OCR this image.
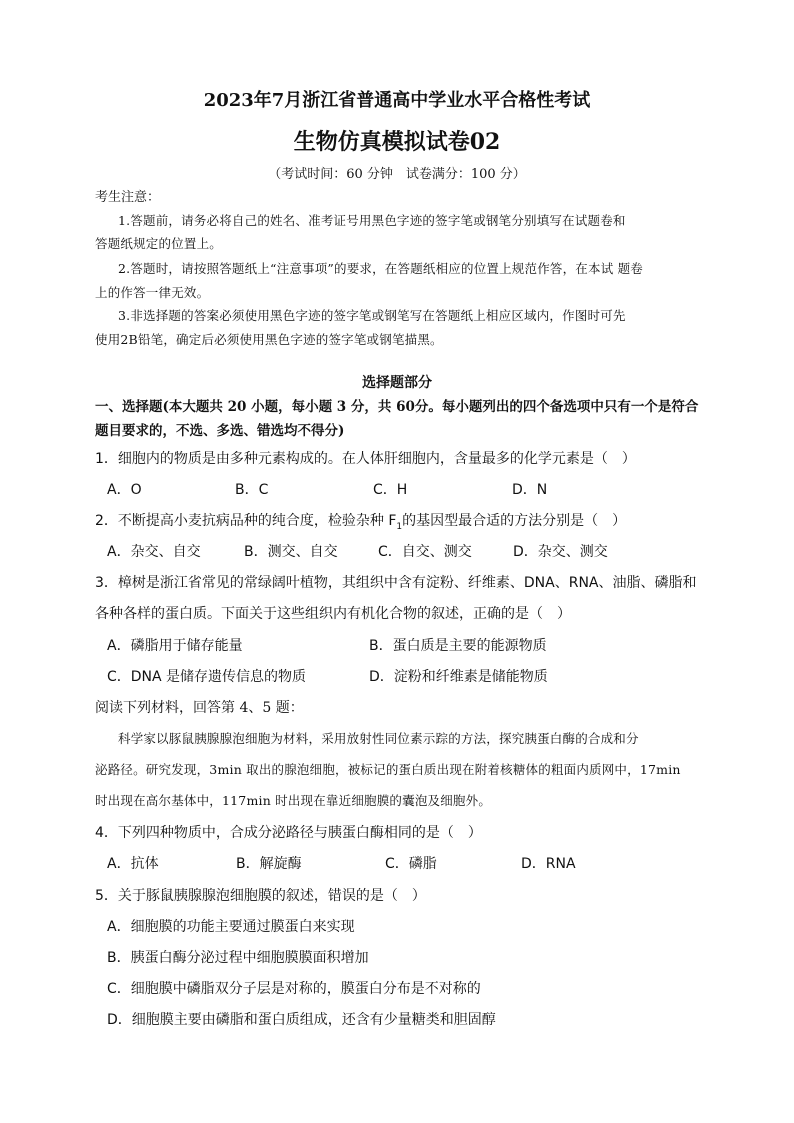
2023年7月浙江省普通高中学业水平合格性考试
生物仿真模拟试卷02
（考试时间：60 分钟　试卷满分：100 分）
考生注意：
1.答题前，请务必将自己的姓名、准考证号用黑色字迹的签字笔或钢笔分别填写在试题卷和
答题纸规定的位置上。
2.答题时，请按照答题纸上“注意事项”的要求，在答题纸相应的位置上规范作答，在本试 题卷
上的作答一律无效。
3.非选择题的答案必须使用黑色字迹的签字笔或钢笔写在答题纸上相应区域内，作图时可先
使用2B铅笔，确定后必须使用黑色字迹的签字笔或钢笔描黑。
选择题部分
一、选择题(本大题共 20 小题，每小题 3 分，共 60分。每小题列出的四个备选项中只有一个是符合
题目要求的，不选、多选、错选均不得分)
1．细胞内的物质是由多种元素构成的。在人体肝细胞内，含量最多的化学元素是（　）
A．O	B．C	C．H	D．N
2．不断提高小麦抗病品种的纯合度，检验杂种 $F_1$的基因型最合适的方法分别是（　）
A．杂交、自交	B．测交、自交	C．自交、测交	D．杂交、测交
3．樟树是浙江省常见的常绿阔叶植物，其组织中含有淀粉、纤维素、DNA、RNA、油脂、磷脂和
各种各样的蛋白质。下面关于这些组织内有机化合物的叙述，正确的是（　）
A．磷脂用于储存能量	B．蛋白质是主要的能源物质
C．DNA 是储存遗传信息的物质	D．淀粉和纤维素是储能物质
阅读下列材料，回答第 4、5 题：
科学家以豚鼠胰腺腺泡细胞为材料，采用放射性同位素示踪的方法，探究胰蛋白酶的合成和分
泌路径。研究发现，3min 取出的腺泡细胞，被标记的蛋白质出现在附着核糖体的粗面内质网中，17min
时出现在高尔基体中，117min 时出现在靠近细胞膜的囊泡及细胞外。
4．下列四种物质中，合成分泌路径与胰蛋白酶相同的是（　）
A．抗体	B．解旋酶	C．磷脂	D．RNA
5．关于豚鼠胰腺腺泡细胞膜的叙述，错误的是（　）
A．细胞膜的功能主要通过膜蛋白来实现
B．胰蛋白酶分泌过程中细胞膜膜面积增加
C．细胞膜中磷脂双分子层是对称的，膜蛋白分布是不对称的
D．细胞膜主要由磷脂和蛋白质组成，还含有少量糖类和胆固醇
